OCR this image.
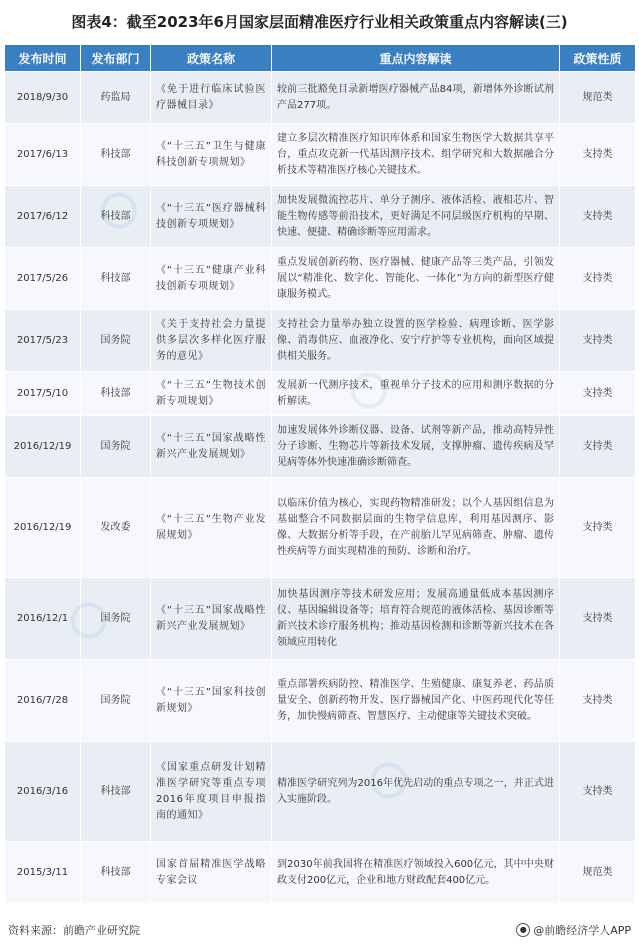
图表4：截至2023年6月国家层面精准医疗行业相关政策重点内容解读(三)
发布时间	发布部门	政策名称	重点内容解读	政策性质
2018/9/30	药监局	《免于进行临床试验医疗器械目录》	较前三批豁免目录新增医疗器械产品84项，新增体外诊断试剂产品277项。	规范类
2017/6/13	科技部	《“十三五”卫生与健康科技创新专项规划》	建立多层次精准医疗知识库体系和国家生物医学大数据共享平台，重点攻克新一代基因测序技术、组学研究和大数据融合分析技术等精准医疗核心关键技术。	支持类
2017/6/12	科技部	《“十三五”医疗器械科技创新专项规划》	加快发展微流控芯片、单分子测序、液体活检、液相芯片、智能生物传感等前沿技术，更好满足不同层级医疗机构的早期、快速、便捷、精确诊断等应用需求。	支持类
2017/5/26	科技部	《“十三五”健康产业科技创新专项规划》	重点发展创新药物、医疗器械、健康产品等三类产品，引领发展以“精准化、数字化、智能化、一体化”为方向的新型医疗健康服务模式。	支持类
2017/5/23	国务院	《关于支持社会力量提供多层次多样化医疗服务的意见》	支持社会力量举办独立设置的医学检验、病理诊断、医学影像、消毒供应、血液净化、安宁疗护等专业机构，面向区域提供相关服务。	支持类
2017/5/10	科技部	《“十三五”生物技术创新专项规划》	发展新一代测序技术，重视单分子技术的应用和测序数据的分析解读。	支持类
2016/12/19	国务院	《“十三五”国家战略性新兴产业发展规划》	加速发展体外诊断仪器、设备、试剂等新产品，推动高特异性分子诊断、生物芯片等新技术发展，支撑肿瘤、遗传疾病及罕见病等体外快速准确诊断筛查。	支持类
2016/12/19	发改委	《“十三五”生物产业发展规划》	以临床价值为核心，实现药物精准研发；以个人基因组信息为基础整合不同数据层面的生物学信息库，利用基因测序、影像、大数据分析等手段，在产前胎儿罕见病筛查、肿瘤、遗传性疾病等方面实现精准的预防、诊断和治疗。	支持类
2016/12/1	国务院	《“十三五”国家战略性新兴产业发展规划》	加快基因测序等技术研发应用；发展高通量低成本基因测序仪、基因编辑设备等；培育符合规范的液体活检、基因诊断等新兴技术诊疗服务机构；推动基因检测和诊断等新兴技术在各领域应用转化	支持类
2016/7/28	国务院	《“十三五”国家科技创新规划》	重点部署疾病防控、精准医学、生殖健康、康复养老、药品质量安全、创新药物开发、医疗器械国产化、中医药现代化等任务，加快慢病筛查、智慧医疗、主动健康等关键技术突破。	支持类
2016/3/16	科技部	《国家重点研发计划精准医学研究等重点专项2016年度项目申报指南的通知》	精准医学研究列为2016年优先启动的重点专项之一，并正式进入实施阶段。	支持类
2015/3/11	科技部	国家首届精准医学战略专家会议	到2030年前我国将在精准医疗领域投入600亿元，其中中央财政支付200亿元，企业和地方财政配套400亿元。	规范类
资料来源：前瞻产业研究院	● @前瞻经济学人APP
